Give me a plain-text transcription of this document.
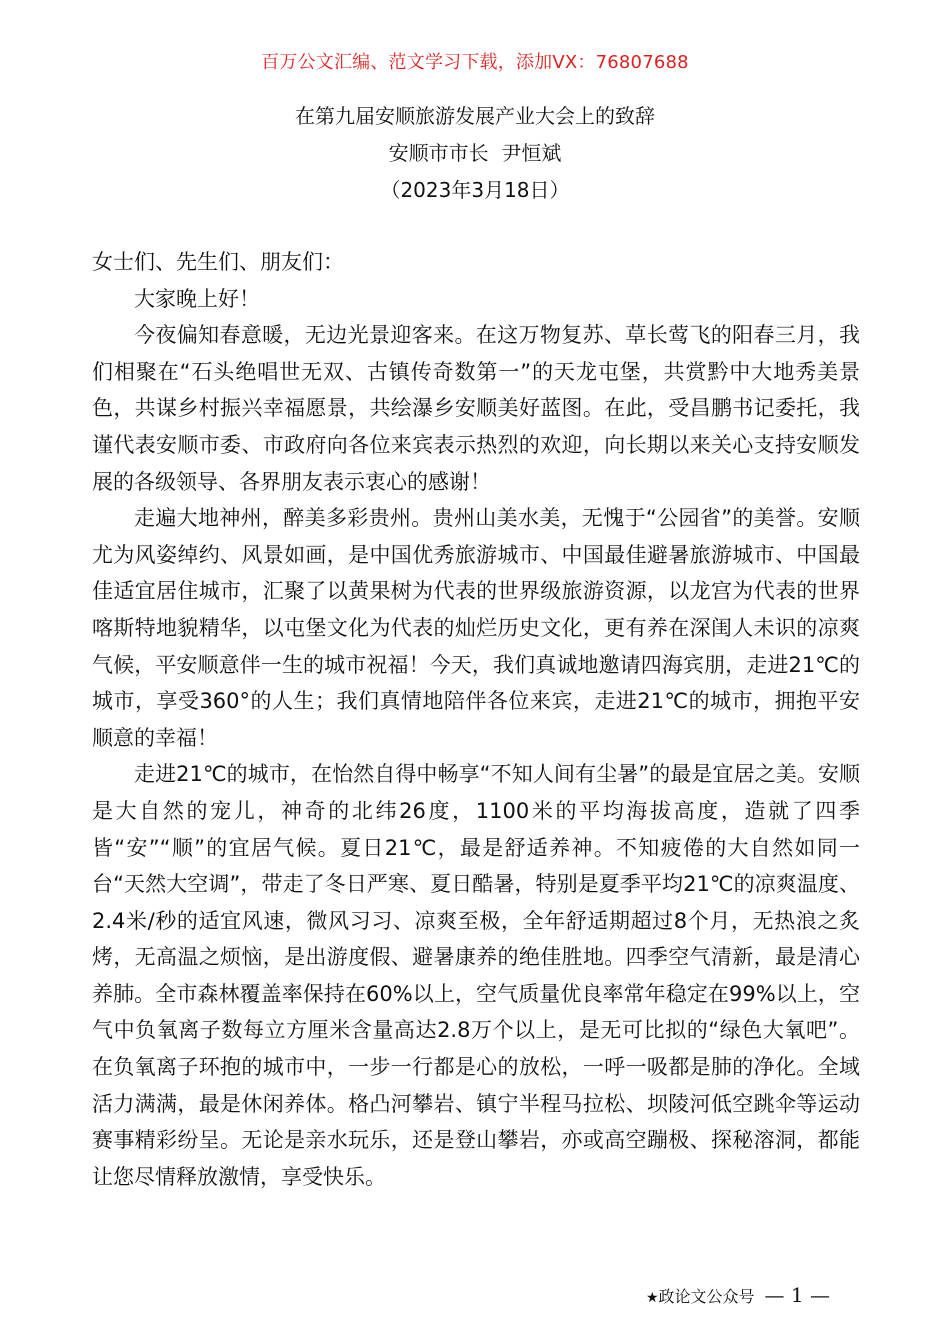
百万公文汇编、范文学习下载，添加VX：76807688
在第九届安顺旅游发展产业大会上的致辞
安顺市市长  尹恒斌
（2023年3月18日）

女士们、先生们、朋友们：

大家晚上好！

今夜偏知春意暖，无边光景迎客来。在这万物复苏、草长莺飞的阳春三月，我们相聚在“石头绝唱世无双、古镇传奇数第一”的天龙屯堡，共赏黔中大地秀美景色，共谋乡村振兴幸福愿景，共绘瀑乡安顺美好蓝图。在此，受昌鹏书记委托，我谨代表安顺市委、市政府向各位来宾表示热烈的欢迎，向长期以来关心支持安顺发展的各级领导、各界朋友表示衷心的感谢！

走遍大地神州，醉美多彩贵州。贵州山美水美，无愧于“公园省”的美誉。安顺尤为风姿绰约、风景如画，是中国优秀旅游城市、中国最佳避暑旅游城市、中国最佳适宜居住城市，汇聚了以黄果树为代表的世界级旅游资源，以龙宫为代表的世界喀斯特地貌精华，以屯堡文化为代表的灿烂历史文化，更有养在深闺人未识的凉爽气候，平安顺意伴一生的城市祝福！今天，我们真诚地邀请四海宾朋，走进21℃的城市，享受360°的人生；我们真情地陪伴各位来宾，走进21℃的城市，拥抱平安顺意的幸福！

走进21℃的城市，在怡然自得中畅享“不知人间有尘暑”的最是宜居之美。安顺是大自然的宠儿，神奇的北纬26度，1100米的平均海拔高度，造就了四季皆“安”“顺”的宜居气候。夏日21℃，最是舒适养神。不知疲倦的大自然如同一台“天然大空调”，带走了冬日严寒、夏日酷暑，特别是夏季平均21℃的凉爽温度、2.4米/秒的适宜风速，微风习习、凉爽至极，全年舒适期超过8个月，无热浪之炙烤，无高温之烦恼，是出游度假、避暑康养的绝佳胜地。四季空气清新，最是清心养肺。全市森林覆盖率保持在60%以上，空气质量优良率常年稳定在99%以上，空气中负氧离子数每立方厘米含量高达2.8万个以上，是无可比拟的“绿色大氧吧”。在负氧离子环抱的城市中，一步一行都是心的放松，一呼一吸都是肺的净化。全域活力满满，最是休闲养体。格凸河攀岩、镇宁半程马拉松、坝陵河低空跳伞等运动赛事精彩纷呈。无论是亲水玩乐，还是登山攀岩，亦或高空蹦极、探秘溶洞，都能让您尽情释放激情，享受快乐。

★政论文公众号 — 1 —
